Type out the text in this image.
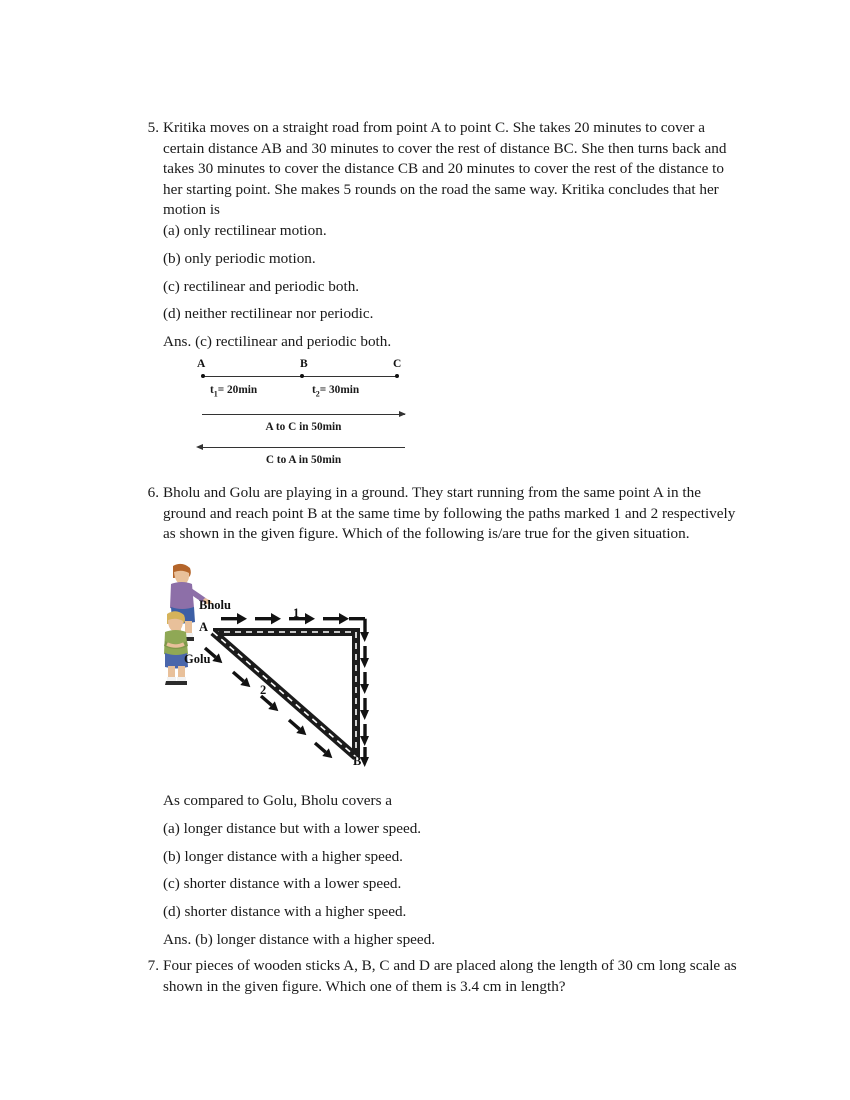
5. Kritika moves on a straight road from point A to point C. She takes 20 minutes to cover a certain distance AB and 30 minutes to cover the rest of distance BC. She then turns back and takes 30 minutes to cover the distance CB and 20 minutes to cover the rest of the distance to her starting point. She makes 5 rounds on the road the same way. Kritika concludes that her motion is
(a) only rectilinear motion.
(b) only periodic motion.
(c) rectilinear and periodic both.
(d) neither rectilinear nor periodic.
Ans. (c) rectilinear and periodic both.
A	B	C
$t_1= 20\min$	$t_2= 30\min$
A to C in 50min
C to A in 50min
6. Bholu and Golu are playing in a ground. They start running from the same point A in the ground and reach point B at the same time by following the paths marked 1 and 2 respectively as shown in the given figure. Which of the following is/are true for the given situation.
Bholu
Golu
A
B
1
2
As compared to Golu, Bholu covers a
(a) longer distance but with a lower speed.
(b) longer distance with a higher speed.
(c) shorter distance with a lower speed.
(d) shorter distance with a higher speed.
Ans. (b) longer distance with a higher speed.
7. Four pieces of wooden sticks A, B, C and D are placed along the length of 30 cm long scale as shown in the given figure. Which one of them is 3.4 cm in length?
